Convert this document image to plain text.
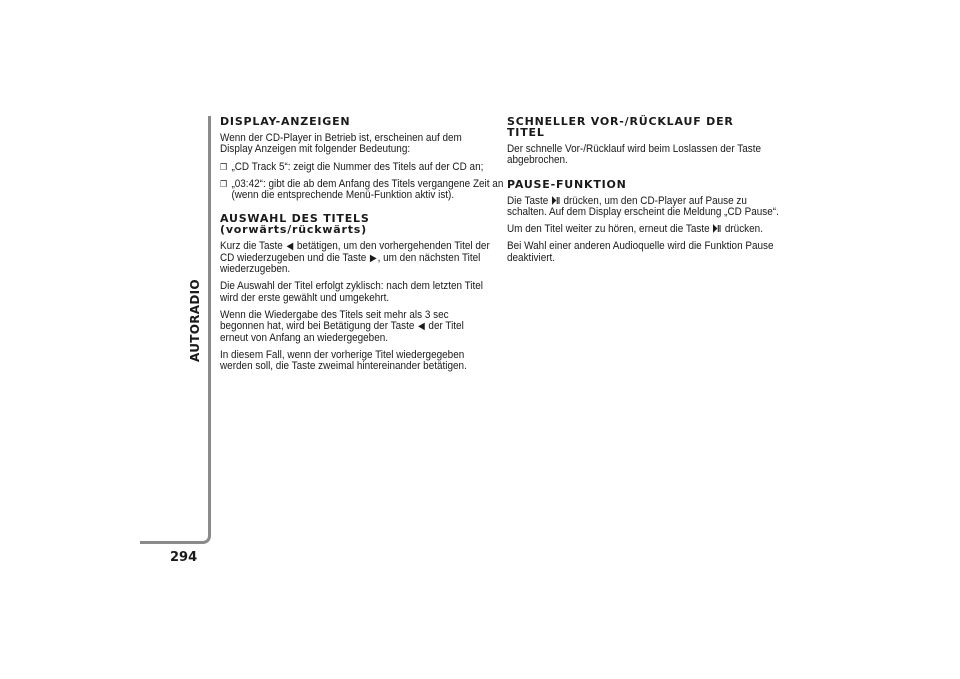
AUTORADIO
294
DISPLAY-ANZEIGEN

Wenn der CD-Player in Betrieb ist, erscheinen auf dem Display Anzeigen mit folgender Bedeutung:

❒ „CD Track 5“: zeigt die Nummer des Titels auf der CD an;
❒ „03:42“: gibt die ab dem Anfang des Titels vergangene Zeit an (wenn die entsprechende Menü-Funktion aktiv ist).
AUSWAHL DES TITELS
(vorwärts/rückwärts)

Kurz die Taste ◀ betätigen, um den vorhergehenden Titel der CD wiederzugeben und die Taste ▶, um den nächsten Titel wiederzugeben.

Die Auswahl der Titel erfolgt zyklisch: nach dem letzten Titel wird der erste gewählt und umgekehrt.

Wenn die Wiedergabe des Titels seit mehr als 3 sec begonnen hat, wird bei Betätigung der Taste ◀ der Titel erneut von Anfang an wiedergegeben.

In diesem Fall, wenn der vorherige Titel wiedergegeben werden soll, die Taste zweimal hintereinander betätigen.

SCHNELLER VOR-/RÜCKLAUF DER
TITEL

Der schnelle Vor-/Rücklauf wird beim Loslassen der Taste abgebrochen.

PAUSE-FUNKTION

Die Taste drücken, um den CD-Player auf Pause zu schalten. Auf dem Display erscheint die Meldung „CD Pause“.

Um den Titel weiter zu hören, erneut die Taste drücken.

Bei Wahl einer anderen Audioquelle wird die Funktion Pause deaktiviert.
